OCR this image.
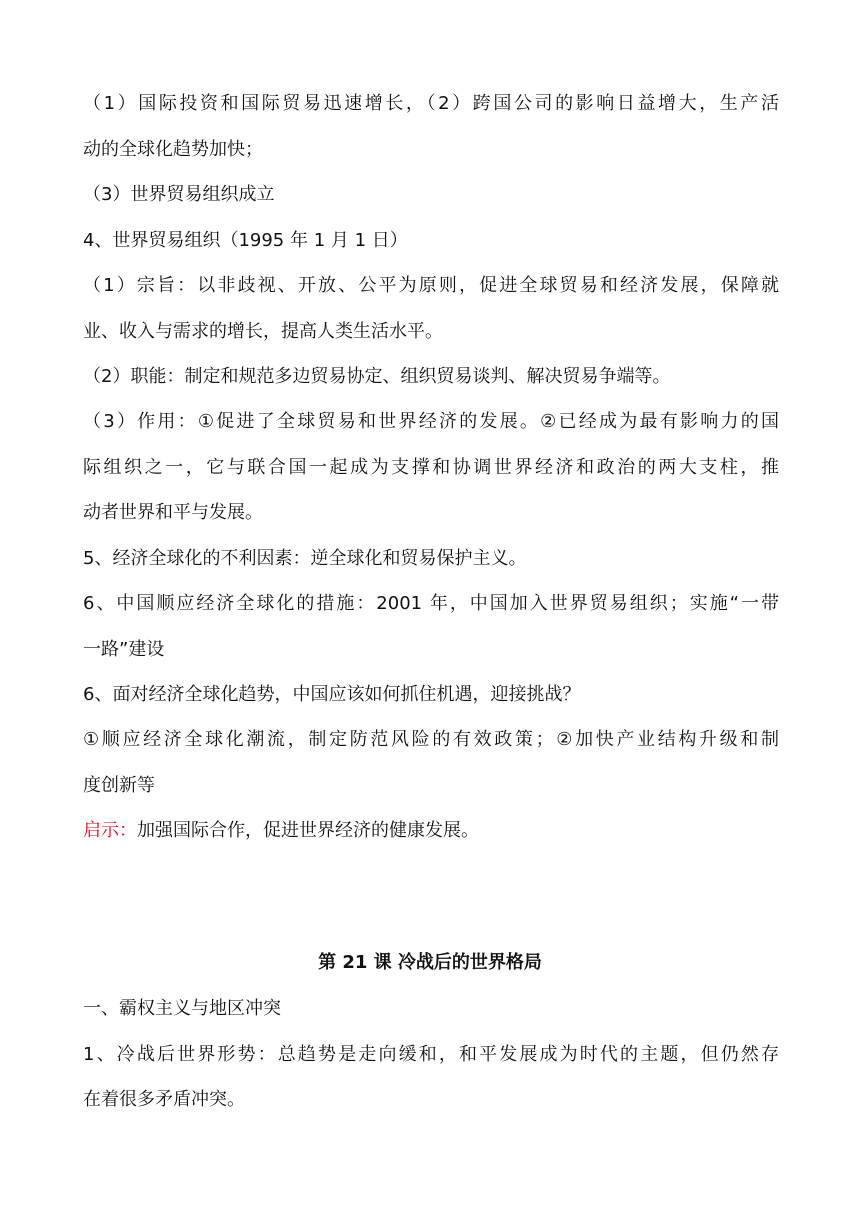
（1）国际投资和国际贸易迅速增长，（2）跨国公司的影响日益增大，生产活
动的全球化趋势加快；
（3）世界贸易组织成立
4、世界贸易组织（1995 年 1 月 1 日）
（1）宗旨：以非歧视、开放、公平为原则，促进全球贸易和经济发展，保障就
业、收入与需求的增长，提高人类生活水平。
（2）职能：制定和规范多边贸易协定、组织贸易谈判、解决贸易争端等。
（3）作用：①促进了全球贸易和世界经济的发展。②已经成为最有影响力的国
际组织之一，它与联合国一起成为支撑和协调世界经济和政治的两大支柱，推
动者世界和平与发展。
5、经济全球化的不利因素：逆全球化和贸易保护主义。
6、中国顺应经济全球化的措施：2001 年，中国加入世界贸易组织；实施“一带
一路”建设
6、面对经济全球化趋势，中国应该如何抓住机遇，迎接挑战？
①顺应经济全球化潮流，制定防范风险的有效政策；②加快产业结构升级和制
度创新等
启示：加强国际合作，促进世界经济的健康发展。
第 21 课 冷战后的世界格局
一、霸权主义与地区冲突
1、冷战后世界形势：总趋势是走向缓和，和平发展成为时代的主题，但仍然存
在着很多矛盾冲突。
